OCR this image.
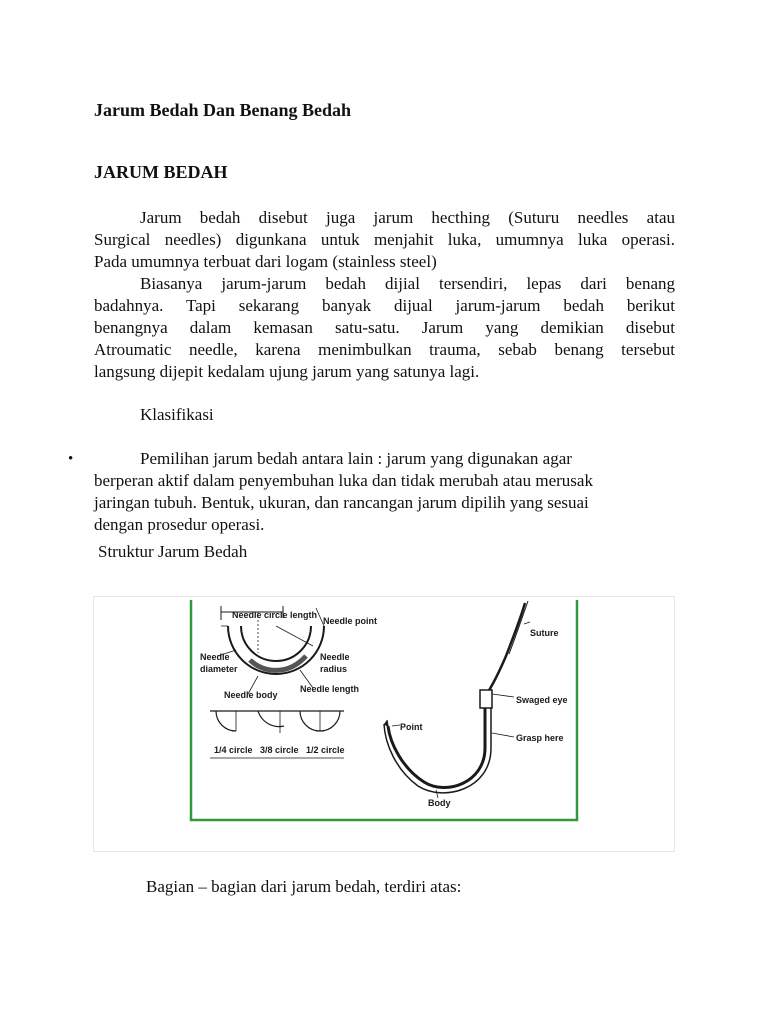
Jarum Bedah Dan Benang Bedah
JARUM BEDAH
Jarum bedah disebut juga jarum hecthing (Suturu needles atau
Surgical needles) digunkana untuk menjahit luka, umumnya luka operasi.
Pada umumnya terbuat dari logam (stainless steel)
Biasanya jarum-jarum bedah dijial tersendiri, lepas dari benang
badahnya. Tapi sekarang banyak dijual jarum-jarum bedah berikut
benangnya dalam kemasan satu-satu. Jarum yang demikian disebut
Atroumatic needle, karena menimbulkan trauma, sebab benang tersebut
langsung dijepit kedalam ujung jarum yang satunya lagi.
Klasifikasi
•	Pemilihan jarum bedah antara lain : jarum yang digunakan agar
berperan aktif dalam penyembuhan luka dan tidak merubah atau merusak
jaringan tubuh. Bentuk, ukuran, dan rancangan jarum dipilih yang sesuai
dengan prosedur operasi.
Struktur Jarum Bedah
Needle circle length
Needle point
Needle
diameter
Needle
radius
Needle body
Needle length
1/4 circle 3/8 circle 1/2 circle
Suture
Swaged eye
Point
Grasp here
Body
Bagian – bagian dari jarum bedah, terdiri atas:
